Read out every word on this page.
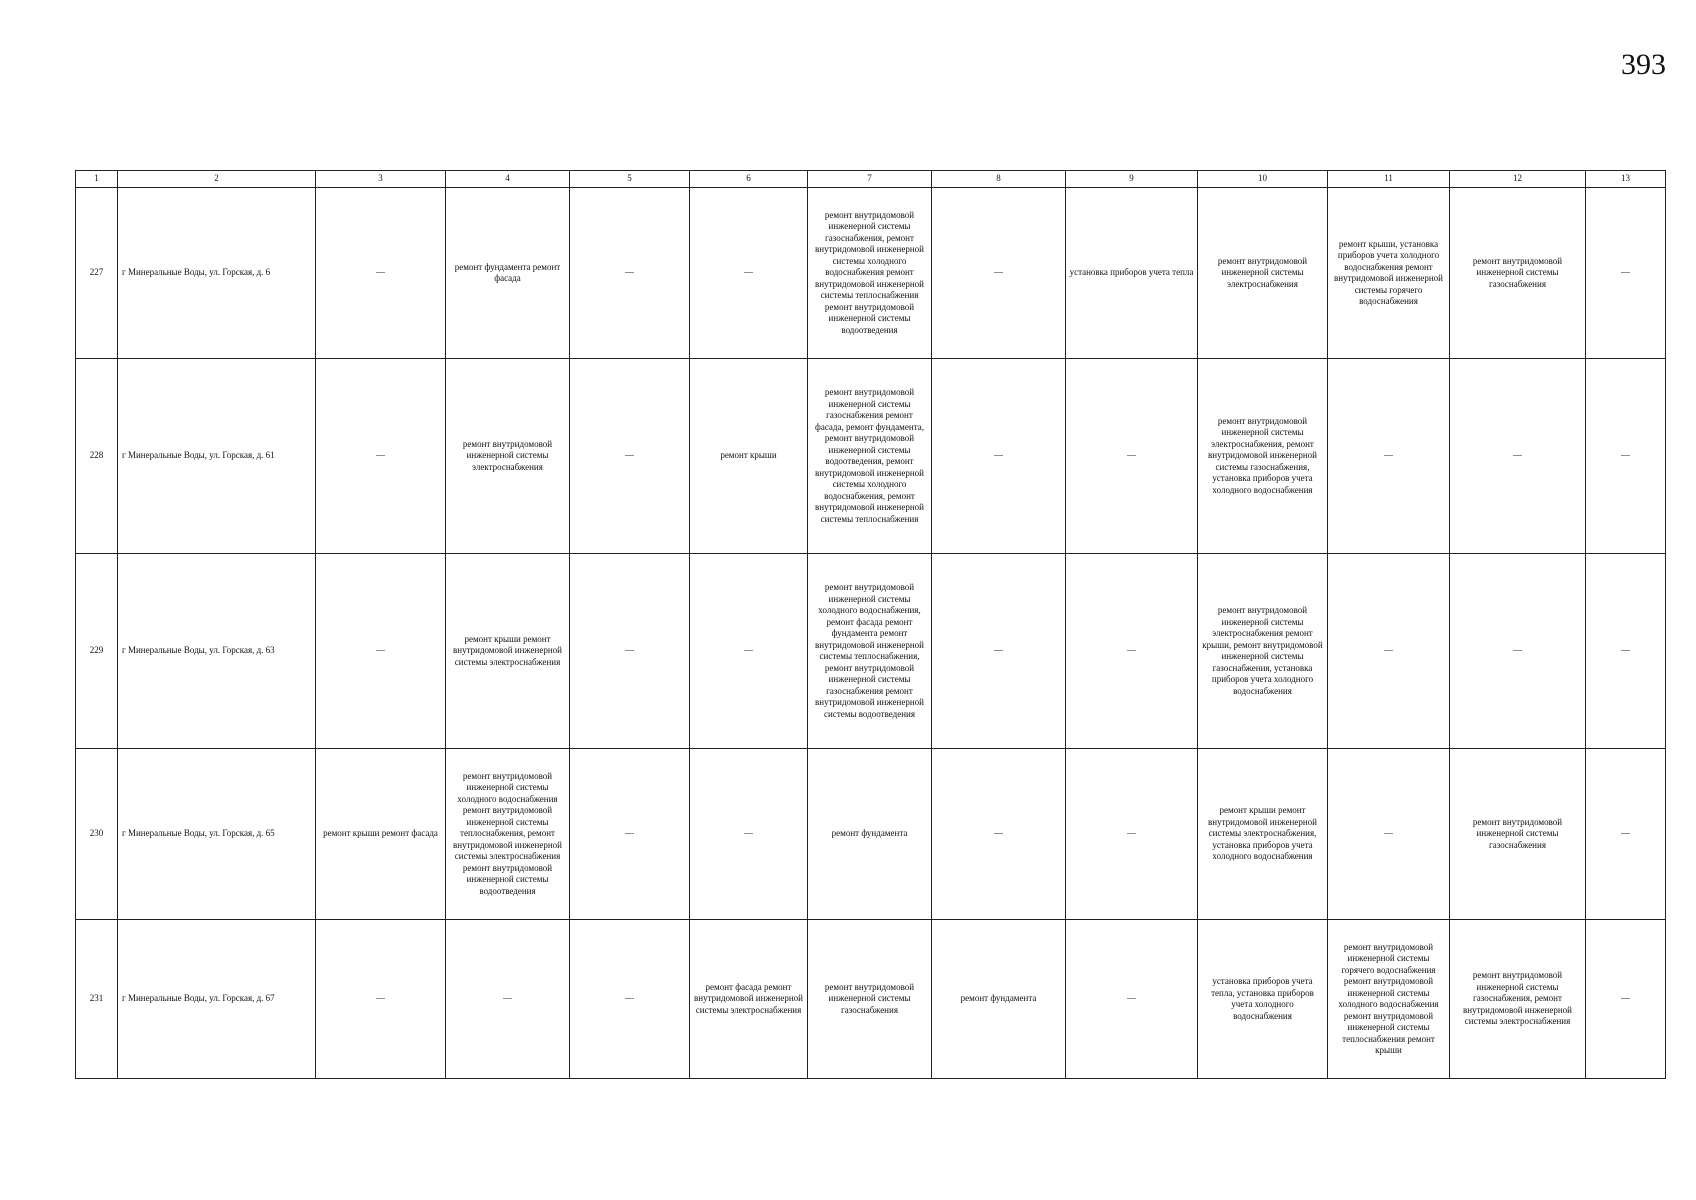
393
1	2	3	4	5	6	7	8	9	10	11	12	13
227	г Минеральные Воды, ул. Горская, д. 6	—	ремонт фундамента ремонт фасада	—	—	ремонт внутридомовой инженерной системы газоснабжения, ремонт внутридомовой инженерной системы холодного водоснабжения ремонт внутридомовой инженерной системы теплоснабжения ремонт внутридомовой инженерной системы водоотведения	—	установка приборов учета тепла	ремонт внутридомовой инженерной системы электроснабжения	ремонт крыши, установка приборов учета холодного водоснабжения ремонт внутридомовой инженерной системы горячего водоснабжения	ремонт внутридомовой инженерной системы газоснабжения	—
228	г Минеральные Воды, ул. Горская, д. 61	—	ремонт внутридомовой инженерной системы электроснабжения	—	ремонт крыши	ремонт внутридомовой инженерной системы газоснабжения ремонт фасада, ремонт фундамента, ремонт внутридомовой инженерной системы водоотведения, ремонт внутридомовой инженерной системы холодного водоснабжения, ремонт внутридомовой инженерной системы теплоснабжения	—	—	ремонт внутридомовой инженерной системы электроснабжения, ремонт внутридомовой инженерной системы газоснабжения, установка приборов учета холодного водоснабжения	—	—	—
229	г Минеральные Воды, ул. Горская, д. 63	—	ремонт крыши ремонт внутридомовой инженерной системы электроснабжения	—	—	ремонт внутридомовой инженерной системы холодного водоснабжения, ремонт фасада ремонт фундамента ремонт внутридомовой инженерной системы теплоснабжения, ремонт внутридомовой инженерной системы газоснабжения ремонт внутридомовой инженерной системы водоотведения	—	—	ремонт внутридомовой инженерной системы электроснабжения ремонт крыши, ремонт внутридомовой инженерной системы газоснабжения, установка приборов учета холодного водоснабжения	—	—	—
230	г Минеральные Воды, ул. Горская, д. 65	ремонт крыши ремонт фасада	ремонт внутридомовой инженерной системы холодного водоснабжения ремонт внутридомовой инженерной системы теплоснабжения, ремонт внутридомовой инженерной системы электроснабжения ремонт внутридомовой инженерной системы водоотведения	—	—	ремонт фундамента	—	—	ремонт крыши ремонт внутридомовой инженерной системы электроснабжения, установка приборов учета холодного водоснабжения	—	ремонт внутридомовой инженерной системы газоснабжения	—
231	г Минеральные Воды, ул. Горская, д. 67	—	—	—	ремонт фасада ремонт внутридомовой инженерной системы электроснабжения	ремонт внутридомовой инженерной системы газоснабжения	ремонт фундамента	—	установка приборов учета тепла, установка приборов учета холодного водоснабжения	ремонт внутридомовой инженерной системы горячего водоснабжения ремонт внутридомовой инженерной системы холодного водоснабжения ремонт внутридомовой инженерной системы теплоснабжения ремонт крыши	ремонт внутридомовой инженерной системы газоснабжения, ремонт внутридомовой инженерной системы электроснабжения	—
